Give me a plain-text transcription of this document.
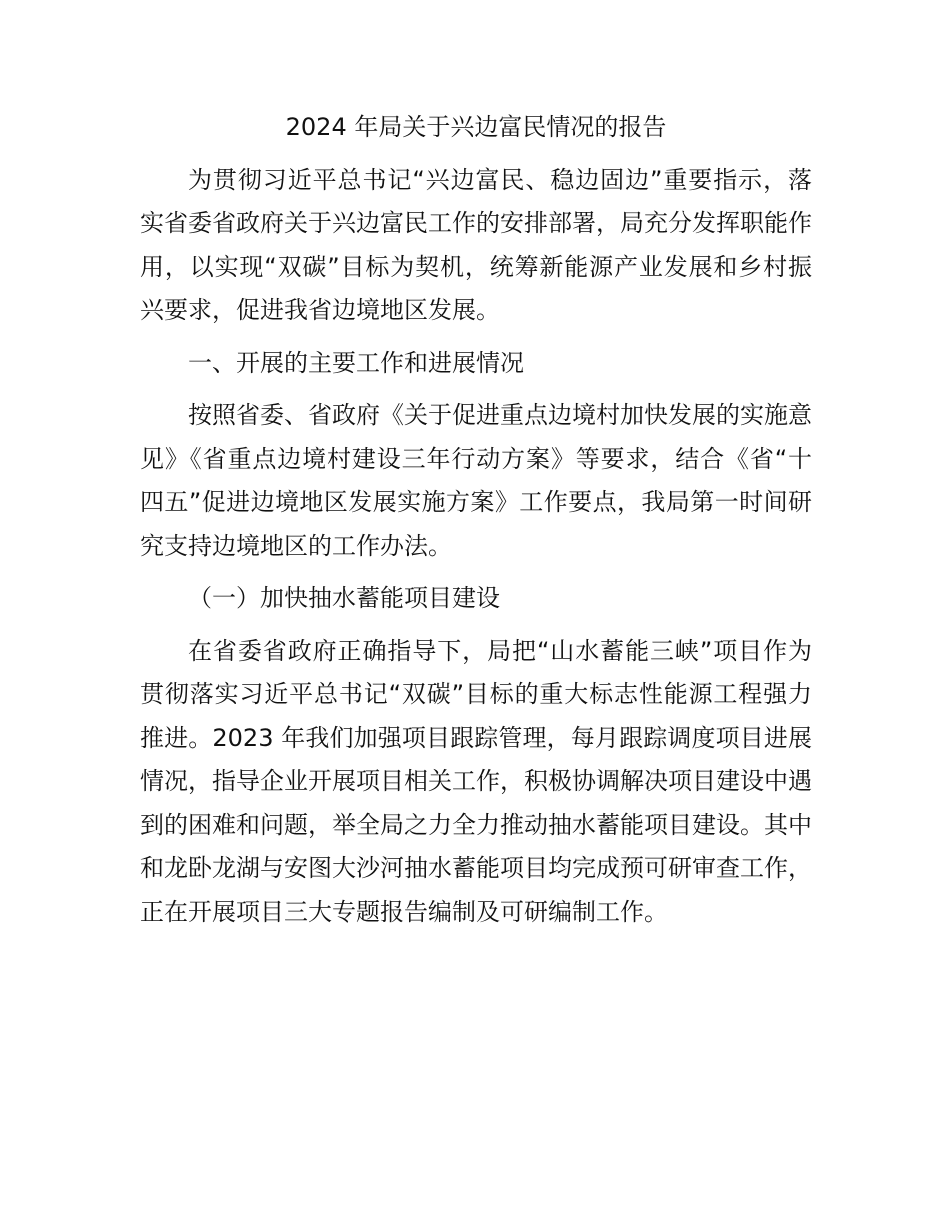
2024 年局关于兴边富民情况的报告

为贯彻习近平总书记“兴边富民、稳边固边”重要指示，落实省委省政府关于兴边富民工作的安排部署，局充分发挥职能作用，以实现“双碳”目标为契机，统筹新能源产业发展和乡村振兴要求，促进我省边境地区发展。

一、开展的主要工作和进展情况

按照省委、省政府《关于促进重点边境村加快发展的实施意见》《省重点边境村建设三年行动方案》等要求，结合《省“十四五”促进边境地区发展实施方案》工作要点，我局第一时间研究支持边境地区的工作办法。

（一）加快抽水蓄能项目建设

在省委省政府正确指导下，局把“山水蓄能三峡”项目作为贯彻落实习近平总书记“双碳”目标的重大标志性能源工程强力推进。2023 年我们加强项目跟踪管理，每月跟踪调度项目进展情况，指导企业开展项目相关工作，积极协调解决项目建设中遇到的困难和问题，举全局之力全力推动抽水蓄能项目建设。其中和龙卧龙湖与安图大沙河抽水蓄能项目均完成预可研审查工作，正在开展项目三大专题报告编制及可研编制工作。
